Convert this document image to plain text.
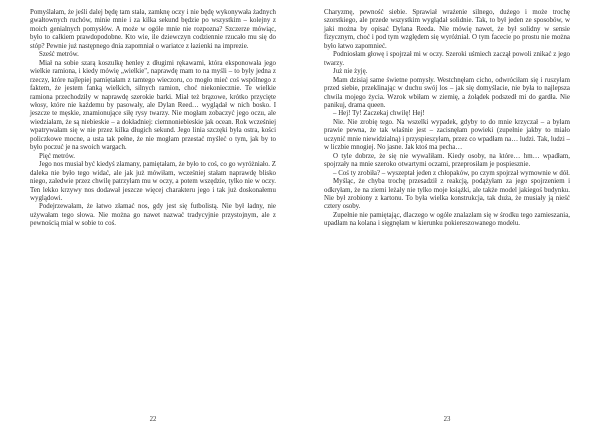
Pomyślałam, że jeśli dalej będę tam stała, zamknę oczy i nie będę wykonywała żadnych gwałtownych ruchów, minie mnie i za kilka sekund będzie po wszystkim – kolejny z moich genialnych pomysłów. A może w ogóle mnie nie rozpozna? Szczerze mówiąc, było to całkiem prawdopodobne. Kto wie, ile dziewczyn codziennie rzucało mu się do stóp? Pewnie już następnego dnia zapomniał o wariatce z łazienki na imprezie.

Sześć metrów.

Miał na sobie szarą koszulkę henley z długimi rękawami, która eksponowała jego wielkie ramiona, i kiedy mówię „wielkie", naprawdę mam to na myśli – to były jedna z rzeczy, które najlepiej pamiętałam z tamtego wieczoru, co mogło mieć coś wspólnego z faktem, że jestem fanką wielkich, silnych ramion, choć niekoniecznie. Te wielkie ramiona przechodziły w naprawdę szerokie barki. Miał też brązowe, krótko przycięte włosy, które nie każdemu by pasowały, ale Dylan Reed… wyglądał w nich bosko. I jeszcze te męskie, znamionujące siłę rysy twarzy. Nie mogłam zobaczyć jego oczu, ale wiedziałam, że są niebieskie – a dokładniej: ciemnoniebieskie jak ocean. Rok wcześniej wpatrywałam się w nie przez kilka długich sekund. Jego linia szczęki była ostra, kości policzkowe mocne, a usta tak pełne, że nie mogłam przestać myśleć o tym, jak by to było poczuć je na swoich wargach.

Pięć metrów.

Jego nos musiał być kiedyś złamany, pamiętałam, że było to coś, co go wyróżniało. Z daleka nie było tego widać, ale jak już mówiłam, wcześniej stałam naprawdę blisko niego, zaledwie przez chwilę patrzyłam mu w oczy, a potem wszędzie, tylko nie w oczy. Ten lekko krzywy nos dodawał jeszcze więcej charakteru jego i tak już doskonałemu wyglądowi.

Podejrzewałam, że łatwo złamać nos, gdy jest się futbolistą. Nie był ładny, nie używałam tego słowa. Nie można go nawet nazwać tradycyjnie przystojnym, ale z pewnością miał w sobie to coś.

22

Charyzmę, pewność siebie. Sprawiał wrażenie silnego, dużego i może trochę szorstkiego, ale przede wszystkim wyglądał solidnie. Tak, to był jeden ze sposobów, w jaki można by opisać Dylana Reeda. Nie mówię nawet, że był solidny w sensie fizycznym, choć i pod tym względem się wyróżniał. O tym facecie po prostu nie można było łatwo zapomnieć.

Podniosłam głowę i spojrzał mi w oczy. Szeroki uśmiech zaczął powoli znikać z jego twarzy.

Już nie żyję.

Mam dzisiaj same świetne pomysły. Westchnęłam cicho, odwróciłam się i ruszyłam przed siebie, przeklinając w duchu swój los – jak się domyślacie, nie była to najlepsza chwila mojego życia. Wzrok wbiłam w ziemię, a żołądek podszedł mi do gardła. Nie panikuj, drama queen.

– Hej! Ty! Zaczekaj chwilę! Hej!

Nie. Nie zrobię tego. Na wszelki wypadek, gdyby to do mnie krzyczał – a byłam prawie pewna, że tak właśnie jest – zacisnęłam powieki (zupełnie jakby to miało uczynić mnie niewidzialną) i przyspieszyłam, przez co wpadłam na… ludzi. Tak, ludzi – w liczbie mnogiej. No jasne. Jak ktoś ma pecha…

O tyle dobrze, że się nie wywaliłam. Kiedy osoby, na które… hm… wpadłam, spojrzały na mnie szeroko otwartymi oczami, przeprosiłam je pospiesznie.

– Coś ty zrobiła? – wyszeptał jeden z chłopaków, po czym spojrzał wymownie w dół.

Myśląc, że chyba trochę przesadził z reakcją, podążyłam za jego spojrzeniem i odkryłam, że na ziemi leżały nie tylko moje książki, ale także model jakiegoś budynku. Nie był zrobiony z kartonu. To była wielka konstrukcja, tak duża, że musiały ją nieść cztery osoby.

Zupełnie nie pamiętając, dlaczego w ogóle znalazłam się w środku tego zamieszania, upadłam na kolana i sięgnęłam w kierunku pokiereszowanego modelu.

23
